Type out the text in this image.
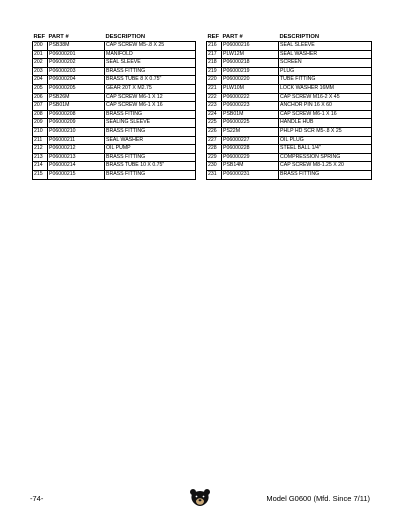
REF	PART #	DESCRIPTION
200	PSB38M	CAP SCREW M5-.8 X 25
201	P06000201	MANIFOLD
202	P06000202	SEAL SLEEVE
203	P06000203	BRASS FITTING
204	P06000204	BRASS TUBE 8 X 0.75"
205	P06000205	GEAR 20T X M2.75
206	PSB26M	CAP SCREW M6-1 X 12
207	PSB01M	CAP SCREW M6-1 X 16
208	P06000208	BRASS FITING
209	P06000209	SEALING SLEEVE
210	P06000210	BRASS FITTING
211	P06000211	SEAL WASHER
212	P06000212	OIL PUMP
213	P06000213	BRASS FITTING
214	P06000214	BRASS TUBE 10 X 0.75"
215	P06000215	BRASS FITTING
REF	PART #	DESCRIPTION
216	P06000216	SEAL SLEEVE
217	PLW12M	SEAL WASHER
218	P06000218	SCREEN
219	P06000219	PLUG
220	P06000220	TUBE FITTING
221	PLW10M	LOCK WASHER 16MM
222	P06000222	CAP SCREW M16-2 X 45
223	P06000223	ANCHOR PIN 16 X 60
224	PSB01M	CAP SCREW M6-1 X 16
225	P06000225	HANDLE HUB
226	PS22M	PHLP HD SCR M5-.8 X 25
227	P06000227	OIL PLUG
228	P06000228	STEEL BALL 1/4"
229	P06000229	COMPRESSION SPRING
230	PSB14M	CAP SCREW M8-1.25 X 20
231	P06000231	BRASS FITTING
-74-	Model G0600 (Mfd. Since 7/11)
